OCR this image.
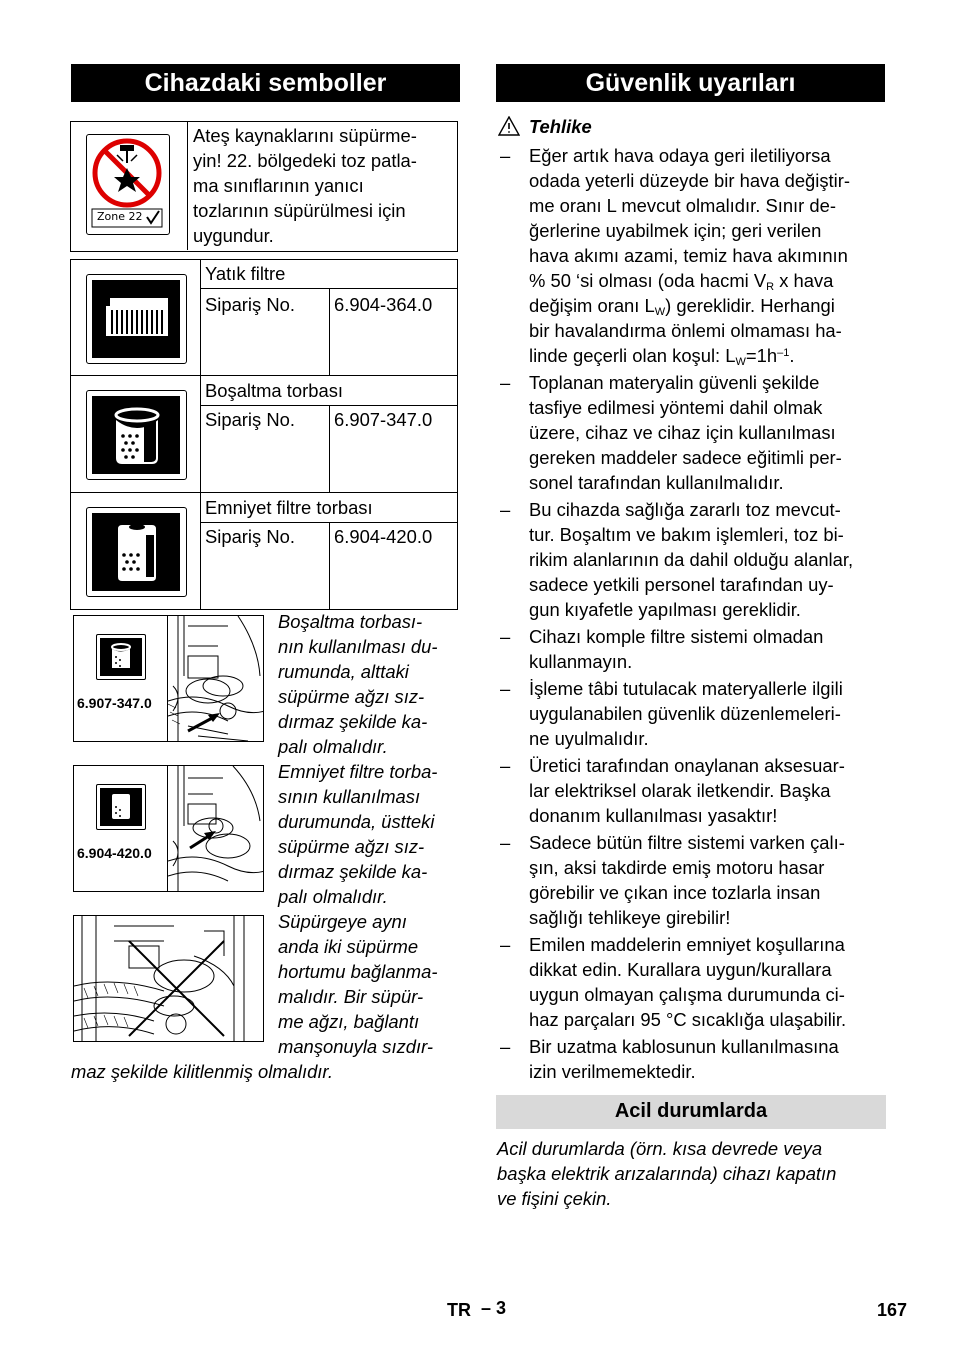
Cihazdaki semboller
Zone 22
Ateş kaynaklarını süpürme-
yin! 22. bölgedeki toz patla-
ma sınıflarının yanıcı
tozlarının süpürülmesi için
uygundur.
Yatık filtre
Sipariş No. 6.904-364.0
Boşaltma torbası
Sipariş No. 6.907-347.0
Emniyet filtre torbası
Sipariş No. 6.904-420.0
6.907-347.0
6.904-420.0
Boşaltma torbası-
nın kullanılması du-
rumunda, alttaki
süpürme ağzı sız-
dırmaz şekilde ka-
palı olmalıdır.
Emniyet filtre torba-
sının kullanılması
durumunda, üstteki
süpürme ağzı sız-
dırmaz şekilde ka-
palı olmalıdır.
Süpürgeye aynı
anda iki süpürme
hortumu bağlanma-
malıdır. Bir süpür-
me ağzı, bağlantı
manşonuyla sızdır-
maz şekilde kilitlenmiş olmalıdır.
Güvenlik uyarıları
Tehlike
– Eğer artık hava odaya geri iletiliyorsa
odada yeterli düzeyde bir hava değiştir-
me oranı L mevcut olmalıdır. Sınır de-
ğerlerine uyabilmek için; geri verilen
hava akımı azami, temiz hava akımının
% 50 ‘si olması (oda hacmi $V_R$ x hava
değişim oranı $L_W$) gereklidir. Herhangi
bir havalandırma önlemi olmaması ha-
linde geçerli olan koşul: $L_W=1h^{-1}$.
– Toplanan materyalin güvenli şekilde
tasfiye edilmesi yöntemi dahil olmak
üzere, cihaz ve cihaz için kullanılması
gereken maddeler sadece eğitimli per-
sonel tarafından kullanılmalıdır.
– Bu cihazda sağlığa zararlı toz mevcut-
tur. Boşaltım ve bakım işlemleri, toz bi-
rikim alanlarının da dahil olduğu alanlar,
sadece yetkili personel tarafından uy-
gun kıyafetle yapılması gereklidir.
– Cihazı komple filtre sistemi olmadan
kullanmayın.
– İşleme tâbi tutulacak materyallerle ilgili
uygulanabilen güvenlik düzenlemeleri-
ne uyulmalıdır.
– Üretici tarafından onaylanan aksesuar-
lar elektriksel olarak iletkendir. Başka
donanım kullanılması yasaktır!
– Sadece bütün filtre sistemi varken çalı-
şın, aksi takdirde emiş motoru hasar
görebilir ve çıkan ince tozlarla insan
sağlığı tehlikeye girebilir!
– Emilen maddelerin emniyet koşullarına
dikkat edin. Kurallara uygun/kurallara
uygun olmayan çalışma durumunda ci-
haz parçaları 95 °C sıcaklığa ulaşabilir.
– Bir uzatma kablosunun kullanılmasına
izin verilmemektedir.
Acil durumlarda
Acil durumlarda (örn. kısa devrede veya
başka elektrik arızalarında) cihazı kapatın
ve fişini çekin.
TR – 3	167
